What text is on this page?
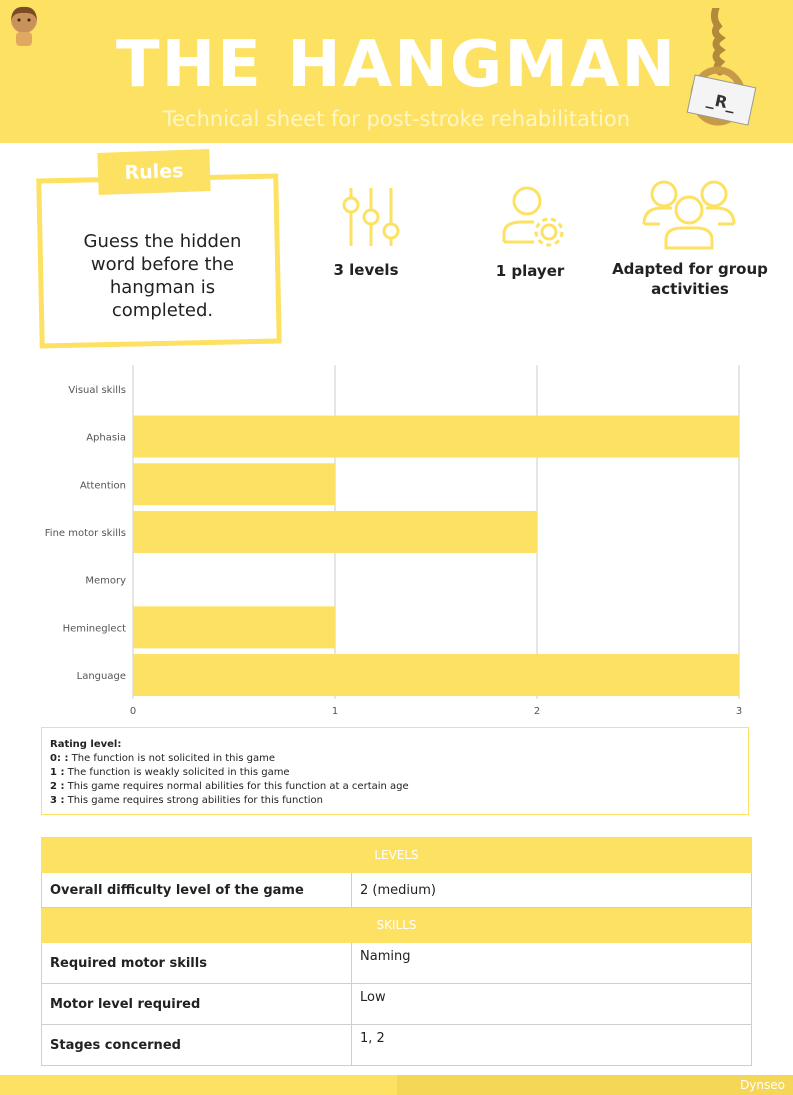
THE HANGMAN
Technical sheet for post-stroke rehabilitation
_R_
Rules
Guess the hidden word before the hangman is completed.
3 levels	1 player	Adapted for group activities
Visual skills
Aphasia
Attention
Fine motor skills
Memory
Hemineglect
Language
0	1	2	3
Rating level:
0: : The function is not solicited in this game
1 : The function is weakly solicited in this game
2 : This game requires normal abilities for this function at a certain age
3 : This game requires strong abilities for this function
LEVELS	
Overall difficulty level of the game	2 (medium)
SKILLS	
Required motor skills	Naming
Motor level required	Low
Stages concerned	1, 2
Dynseo
